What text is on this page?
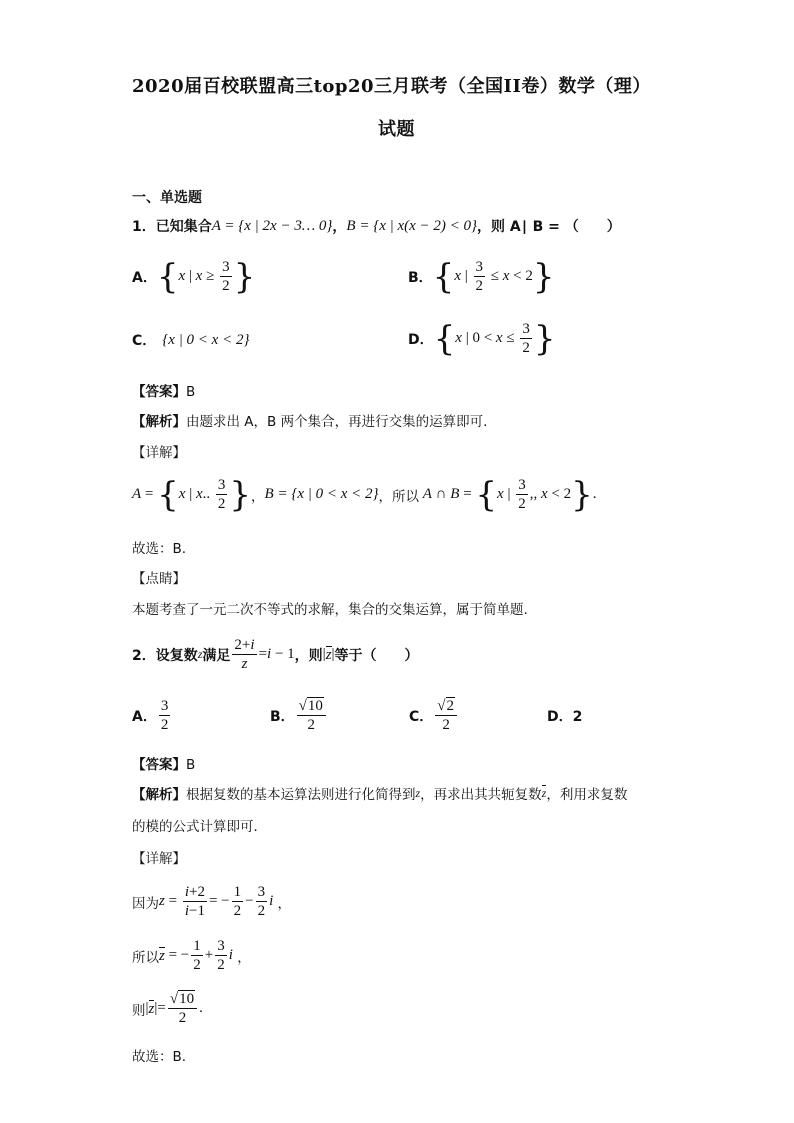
2020届百校联盟高三top20三月联考（全国II卷）数学（理）
试题
一、单选题
1．已知集合 A = {x | 2x − 3… 0} ， B = {x | x(x − 2) < 0} ，则 A∣ B = （　　）
A． { x | $x \ge \frac{3}{2}$ }	B． { x | $\frac{3}{2} \le x < 2$ }
C． {x | 0 < x < 2}	D． { x | $0 < x \le \frac{3}{2}$ }
【答案】B
【解析】由题求出 A，B 两个集合，再进行交集的运算即可.
【详解】
A = { x | x .. $\frac{3}{2}$ } ， B = {x | 0 < x < 2} ，所以 A ∩ B = { x | $\frac{3}{2}$ ,, x < 2 } .
故选：B.
【点睛】
本题考查了一元二次不等式的求解，集合的交集运算，属于简单题.
2．设复数 z 满足 $\frac{2+i}{z} = i - 1$ ，则 | z | 等于（　　）
A． $\frac{3}{2}$	B． $\frac{√ 10}{2}$	C． $\frac{√ 2}{2}$	D．2
【答案】B
【解析】 根据复数的基本运算法则进行化简得到 z ，再求出其共轭复数 z ，利用求复数
的模的公式计算即可．
【详解】
因为 $z = \frac{i+2}{i-1}$ = − $\frac{1}{2} - \frac{3}{2}$ i ，
所以 z = − $\frac{1}{2} + \frac{3}{2}$ i ，
则 | z |= $\frac{√ 10}{2}$ .
故选：B.
